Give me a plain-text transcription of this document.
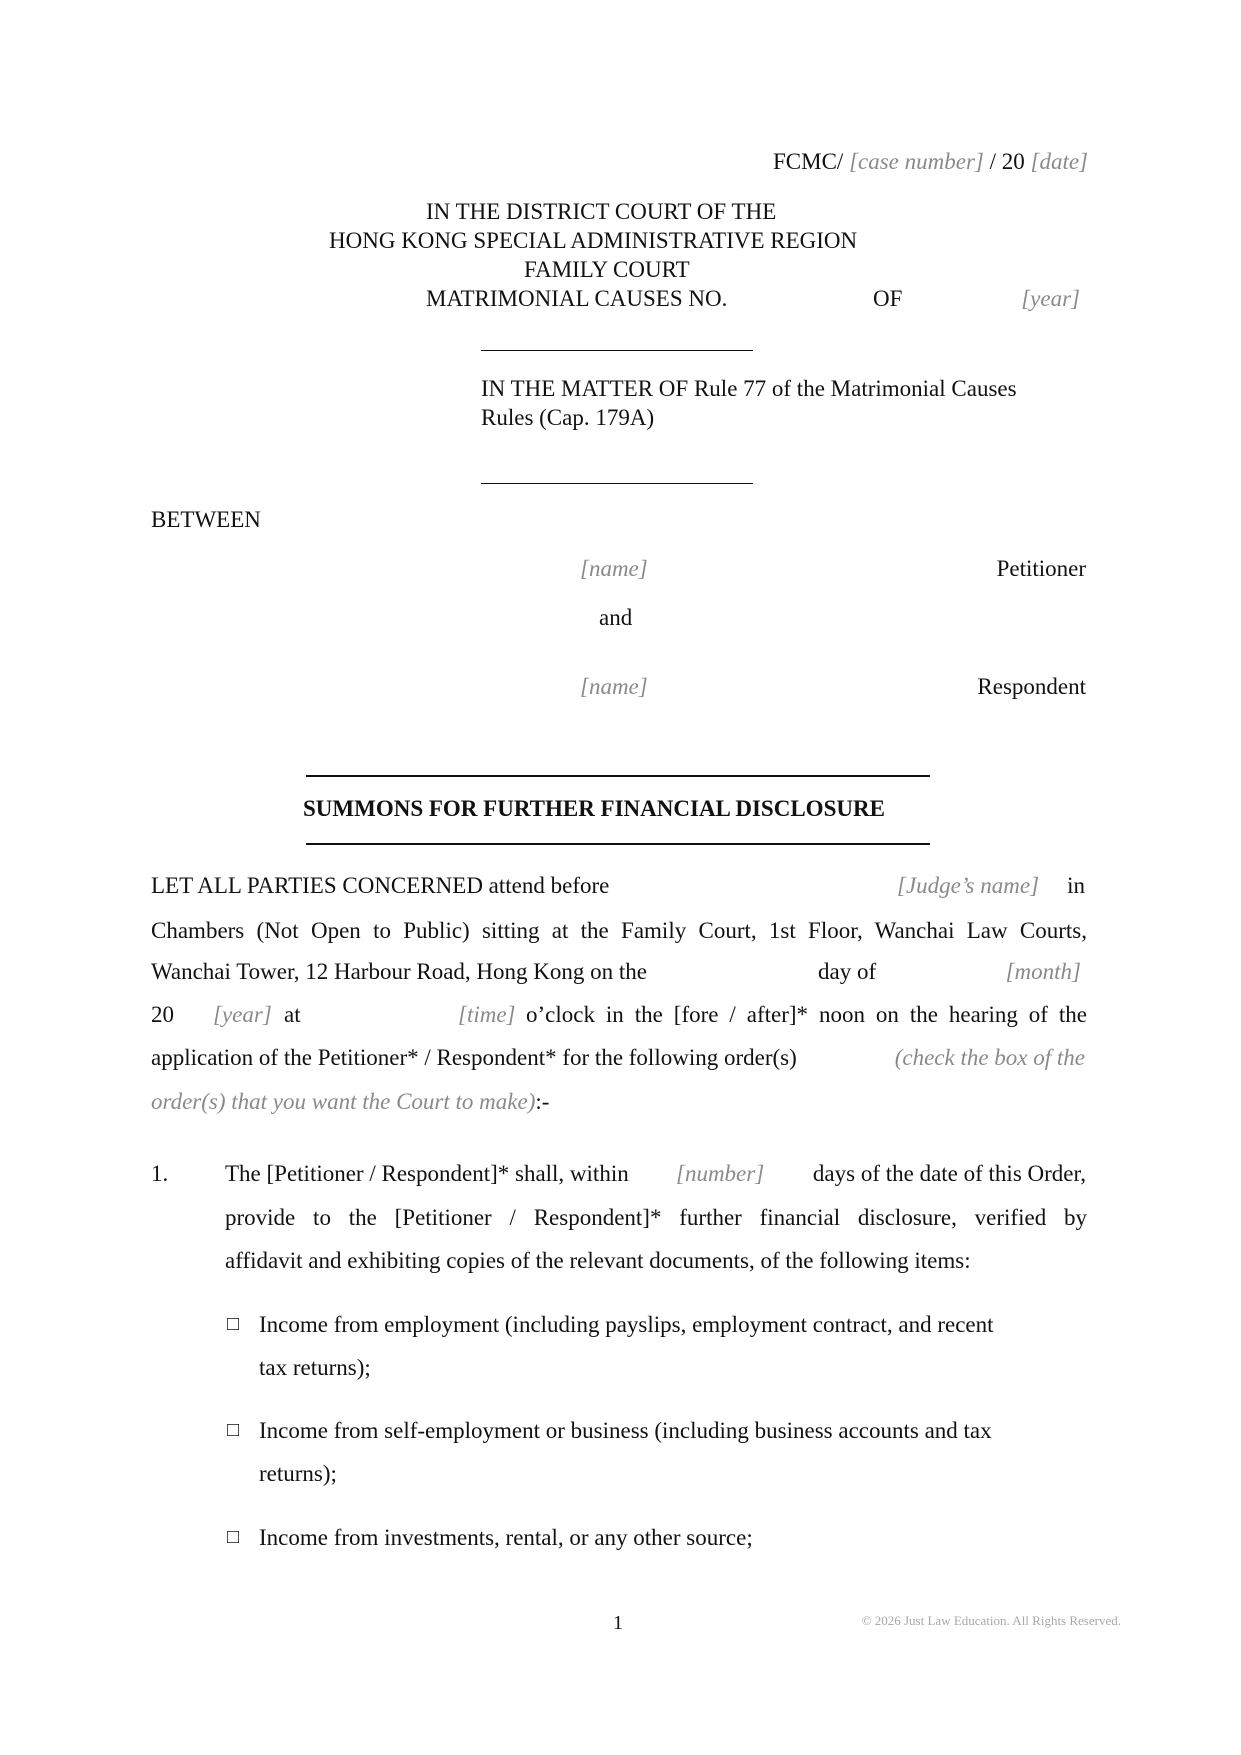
FCMC/ [case number] / 20 [date]
IN THE DISTRICT COURT OF THE
HONG KONG SPECIAL ADMINISTRATIVE REGION
FAMILY COURT
MATRIMONIAL CAUSES NO.	OF	[year]
IN THE MATTER OF Rule 77 of the Matrimonial Causes
Rules (Cap. 179A)
BETWEEN
[name]	Petitioner
and
[name]	Respondent
SUMMONS FOR FURTHER FINANCIAL DISCLOSURE
LET ALL PARTIES CONCERNED attend before	[Judge’s name] in
Chambers (Not Open to Public) sitting at the Family Court, 1st Floor, Wanchai Law Courts,
Wanchai Tower, 12 Harbour Road, Hong Kong on the	day of	[month]
20 [year] at	[time] o’clock in the [fore / after]* noon on the hearing of the
application of the Petitioner* / Respondent* for the following order(s)	(check the box of the
order(s) that you want the Court to make):-
1. The [Petitioner / Respondent]* shall, within [number] days of the date of this Order,
provide to the [Petitioner / Respondent]* further financial disclosure, verified by
affidavit and exhibiting copies of the relevant documents, of the following items:
□ Income from employment (including payslips, employment contract, and recent
tax returns);
□ Income from self-employment or business (including business accounts and tax
returns);
□ Income from investments, rental, or any other source;
1	© 2026 Just Law Education. All Rights Reserved.
